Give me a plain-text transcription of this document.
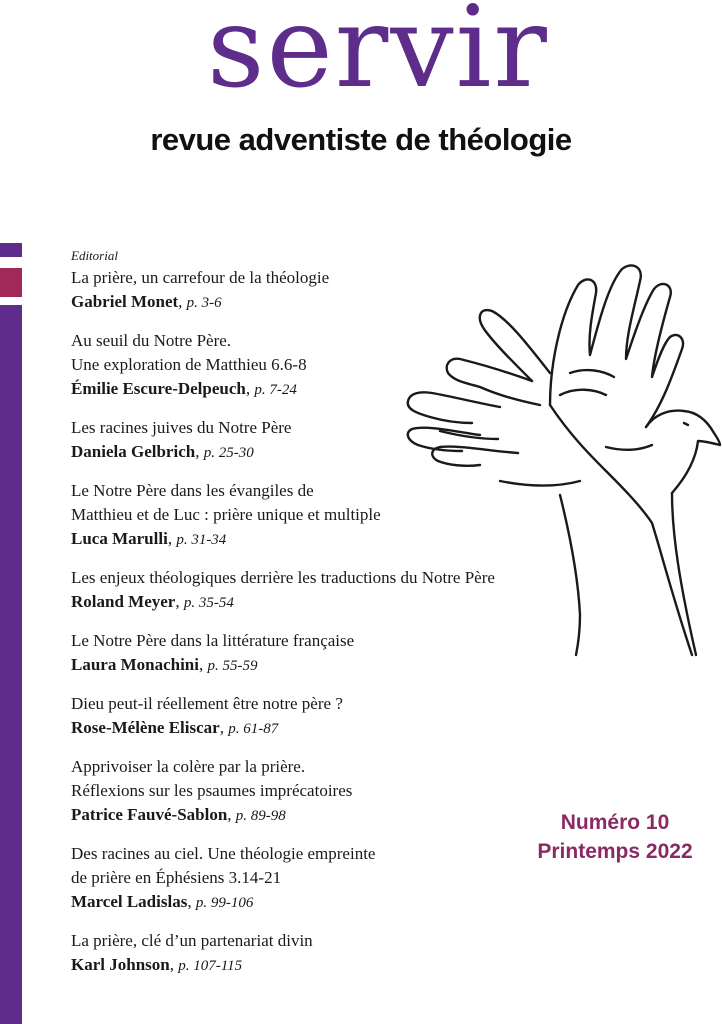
servir
revue adventiste de théologie
Editorial
La prière, un carrefour de la théologie
Gabriel Monet, p. 3-6
Au seuil du Notre Père.
Une exploration de Matthieu 6.6-8
Émilie Escure-Delpeuch, p. 7-24
Les racines juives du Notre Père
Daniela Gelbrich, p. 25-30
Le Notre Père dans les évangiles de
Matthieu et de Luc : prière unique et multiple
Luca Marulli, p. 31-34
Les enjeux théologiques derrière les traductions du Notre Père
Roland Meyer, p. 35-54
Le Notre Père dans la littérature française
Laura Monachini, p. 55-59
Dieu peut-il réellement être notre père ?
Rose-Mélène Eliscar, p. 61-87
Apprivoiser la colère par la prière.
Réflexions sur les psaumes imprécatoires
Patrice Fauvé-Sablon, p. 89-98
Des racines au ciel. Une théologie empreinte
de prière en Éphésiens 3.14-21
Marcel Ladislas, p. 99-106
La prière, clé d’un partenariat divin
Karl Johnson, p. 107-115
Numéro 10
Printemps 2022
